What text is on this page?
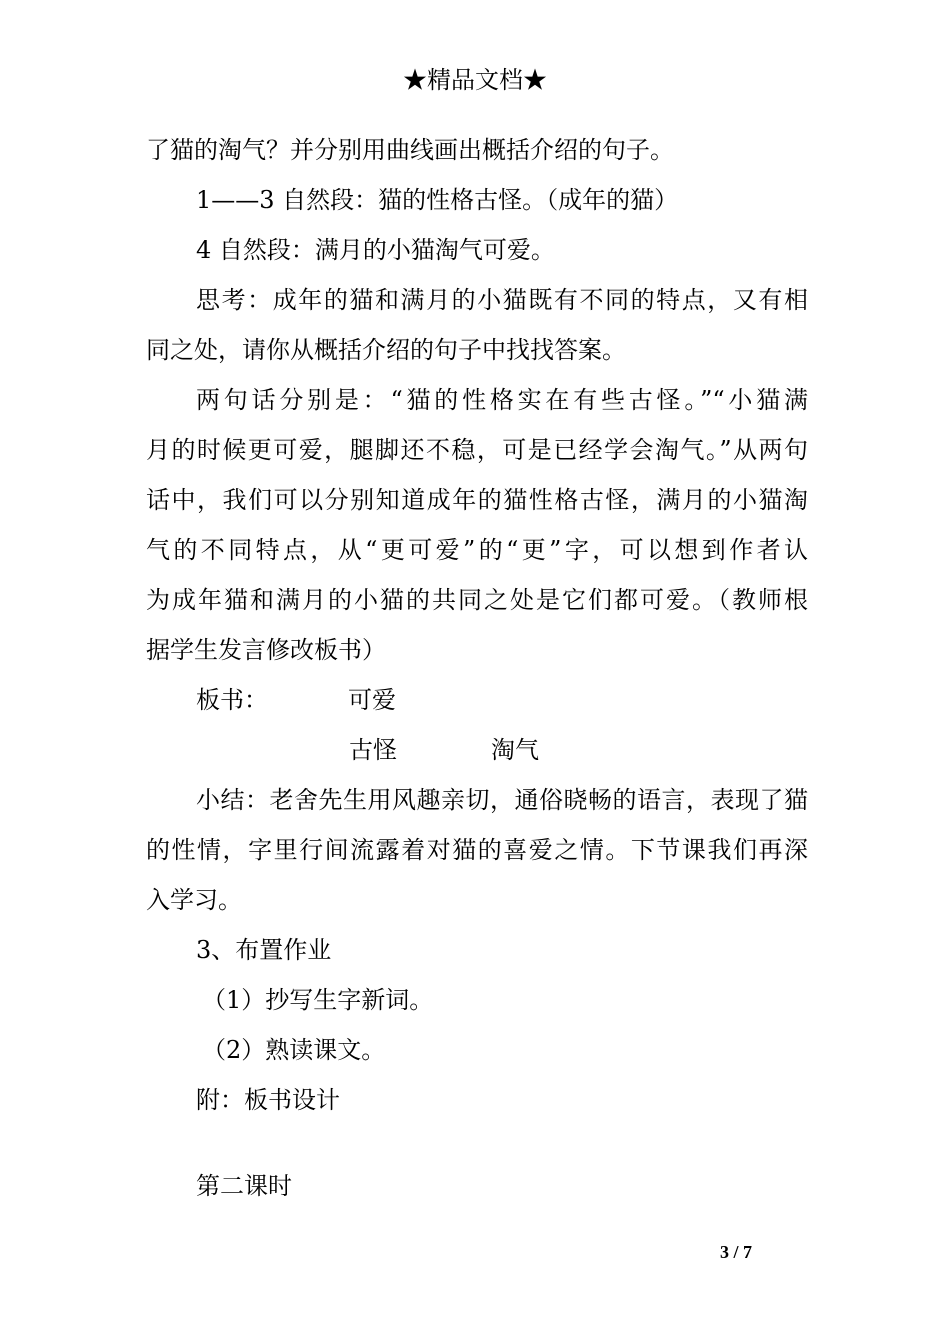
★精品文档★
了猫的淘气？并分别用曲线画出概括介绍的句子。
1——3 自然段：猫的性格古怪。（成年的猫）
4 自然段：满月的小猫淘气可爱。
思考：成年的猫和满月的小猫既有不同的特点，又有相
同之处，请你从概括介绍的句子中找找答案。
两句话分别是：“猫的性格实在有些古怪。”“小猫满
月的时候更可爱，腿脚还不稳，可是已经学会淘气。”从两句
话中，我们可以分别知道成年的猫性格古怪，满月的小猫淘
气的不同特点，从“更可爱”的“更”字，可以想到作者认
为成年猫和满月的小猫的共同之处是它们都可爱。（教师根
据学生发言修改板书）
板书：	可爱
古怪	淘气
小结：老舍先生用风趣亲切，通俗晓畅的语言，表现了猫
的性情，字里行间流露着对猫的喜爱之情。下节课我们再深
入学习。
3、布置作业
（1）抄写生字新词。
（2）熟读课文。
附：板书设计
第二课时
3 / 7
